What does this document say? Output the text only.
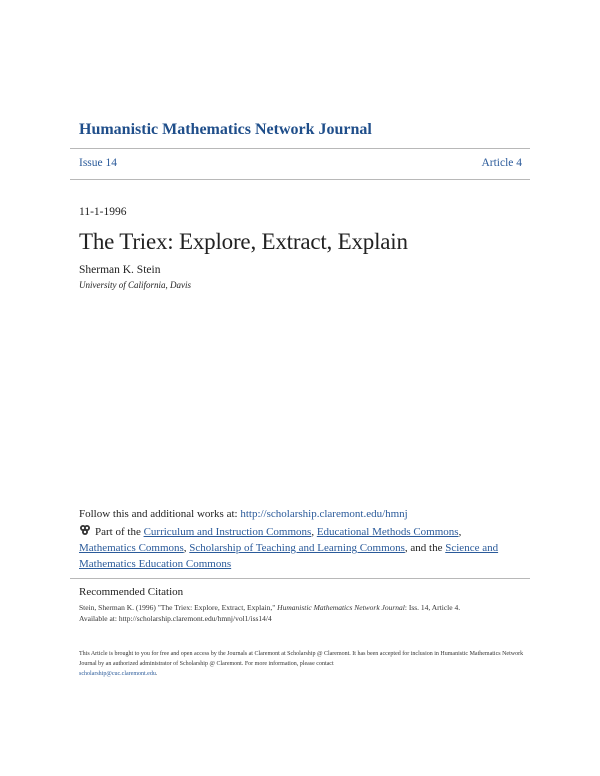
Humanistic Mathematics Network Journal
Issue 14	Article 4
11-1-1996
The Triex: Explore, Extract, Explain
Sherman K. Stein
University of California, Davis
Follow this and additional works at: http://scholarship.claremont.edu/hmnj
Part of the Curriculum and Instruction Commons, Educational Methods Commons,
Mathematics Commons, Scholarship of Teaching and Learning Commons, and the Science and Mathematics Education Commons
Recommended Citation
Stein, Sherman K. (1996) "The Triex: Explore, Extract, Explain," Humanistic Mathematics Network Journal: Iss. 14, Article 4.
Available at: http://scholarship.claremont.edu/hmnj/vol1/iss14/4
This Article is brought to you for free and open access by the Journals at Claremont at Scholarship @ Claremont. It has been accepted for inclusion in Humanistic Mathematics Network Journal by an authorized administrator of Scholarship @ Claremont. For more information, please contact
scholarship@cuc.claremont.edu.
